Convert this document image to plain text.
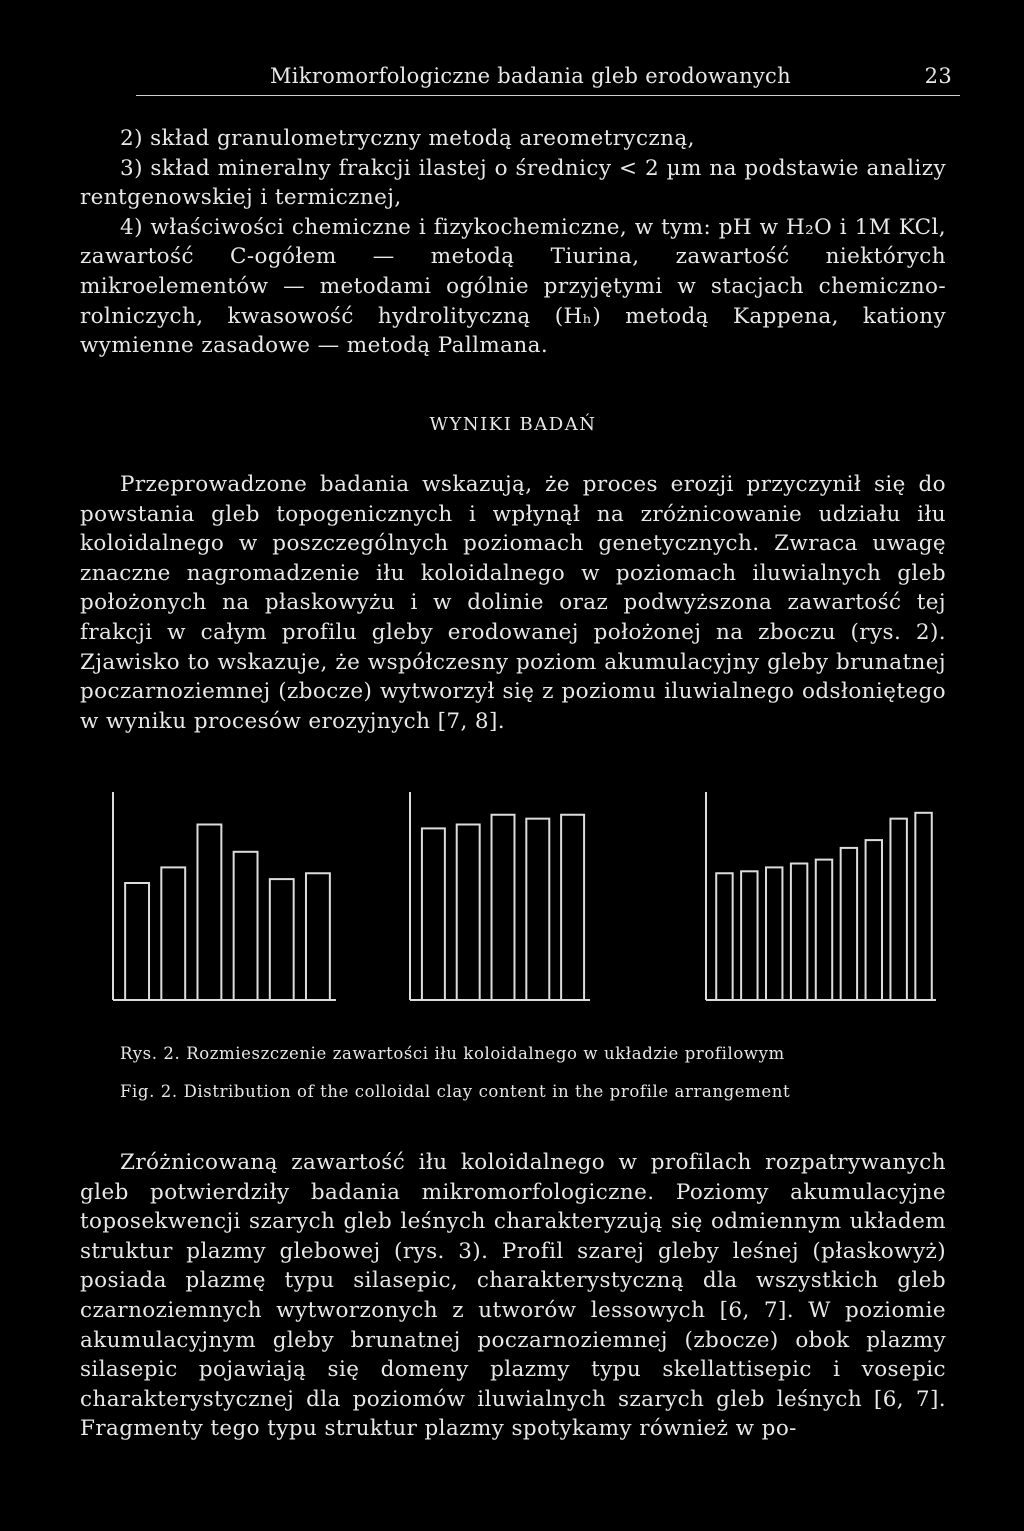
Mikromorfologiczne badania gleb erodowanych	23

2) skład granulometryczny metodą areometryczną,

3) skład mineralny frakcji ilastej o średnicy < 2 µm na podstawie analizy rentgenowskiej i termicznej,

4) właściwości chemiczne i fizykochemiczne, w tym: pH w H₂O i 1M KCl, zawartość C-ogółem — metodą Tiurina, zawartość niektórych mikroelementów — metodami ogólnie przyjętymi w stacjach chemiczno-rolniczych, kwasowość hydrolityczną (Hₕ) metodą Kappena, kationy wymienne zasadowe — metodą Pallmana.

WYNIKI BADAŃ

Przeprowadzone badania wskazują, że proces erozji przyczynił się do powstania gleb topogenicznych i wpłynął na zróżnicowanie udziału iłu koloidalnego w poszczególnych poziomach genetycznych. Zwraca uwagę znaczne nagromadzenie iłu koloidalnego w poziomach iluwialnych gleb położonych na płaskowyżu i w dolinie oraz podwyższona zawartość tej frakcji w całym profilu gleby erodowanej położonej na zboczu (rys. 2). Zjawisko to wskazuje, że współczesny poziom akumulacyjny gleby brunatnej poczarnoziemnej (zbocze) wytworzył się z poziomu iluwialnego odsłoniętego w wyniku procesów erozyjnych [7, 8].

Rys. 2. Rozmieszczenie zawartości iłu koloidalnego w układzie profilowym
Fig. 2. Distribution of the colloidal clay content in the profile arrangement

Zróżnicowaną zawartość iłu koloidalnego w profilach rozpatrywanych gleb potwierdziły badania mikromorfologiczne. Poziomy akumulacyjne toposekwencji szarych gleb leśnych charakteryzują się odmiennym układem struktur plazmy glebowej (rys. 3). Profil szarej gleby leśnej (płaskowyż) posiada plazmę typu silasepic, charakterystyczną dla wszystkich gleb czarnoziemnych wytworzonych z utworów lessowych [6, 7]. W poziomie akumulacyjnym gleby brunatnej poczarnoziemnej (zbocze) obok plazmy silasepic pojawiają się domeny plazmy typu skellattisepic i vosepic charakterystycznej dla poziomów iluwialnych szarych gleb leśnych [6, 7]. Fragmenty tego typu struktur plazmy spotykamy również w po-
